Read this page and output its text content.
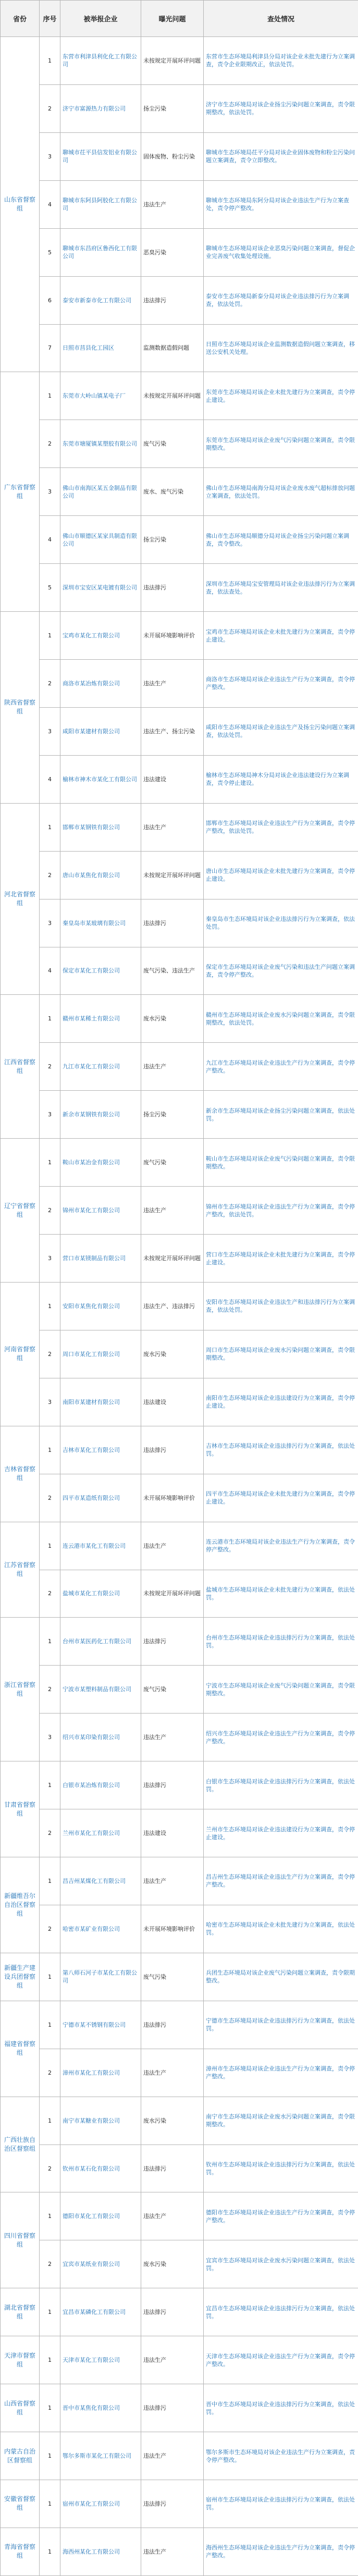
省份	序号	被举报企业	曝光问题	查处情况
山东省督察组	1	东营市利津县利化化工有限公司	未按规定开展环评问题	东营市生态环境局利津县分局对该企业未批先建行为立案调查，责令企业限期改正，依法处罚。
	2	济宁市富源热力有限公司	扬尘污染	济宁市生态环境局对该企业扬尘污染问题立案调查，责令限期整改，依法处罚。
	3	聊城市茌平县信发铝业有限公司	固体废物、粉尘污染	聊城市生态环境局茌平分局对该企业固体废物和粉尘污染问题立案调查，责令立即整改。
	4	聊城市东阿县阿胶化工有限公司	违法生产	聊城市生态环境局东阿分局对该企业违法生产行为立案查处，责令停产整改。
	5	聊城市东昌府区鲁西化工有限公司	恶臭污染	聊城市生态环境局对该企业恶臭污染问题立案调查，督促企业完善废气收集处理设施。
	6	泰安市新泰市化工有限公司	违法排污	泰安市生态环境局新泰分局对该企业违法排污行为立案调查，依法处罚。
	7	日照市莒县化工园区	监测数据造假问题	日照市生态环境局对该企业监测数据造假问题立案调查，移送公安机关处理。
广东省督察组	1	东莞市大岭山镇某电子厂	未按规定开展环评问题	东莞市生态环境局对该企业未批先建行为立案调查，责令停止建设。
	2	东莞市塘厦镇某塑胶有限公司	废气污染	东莞市生态环境局对该企业废气污染问题立案调查，责令限期整改。
	3	佛山市南海区某五金制品有限公司	废水、废气污染	佛山市生态环境局南海分局对该企业废水废气超标排放问题立案调查，依法处罚。
	4	佛山市顺德区某家具制造有限公司	扬尘污染	佛山市生态环境局顺德分局对该企业扬尘污染问题立案调查，责令整改。
	5	深圳市宝安区某电镀有限公司	违法排污	深圳市生态环境局宝安管理局对该企业违法排污行为立案调查，依法查处。
陕西省督察组	1	宝鸡市某化工有限公司	未开展环境影响评价	宝鸡市生态环境局对该企业未批先建行为立案调查，责令停止建设。
	2	商洛市某冶炼有限公司	违法生产	商洛市生态环境局对该企业违法生产行为立案调查，责令停产整改。
	3	咸阳市某建材有限公司	违法生产、扬尘污染	咸阳市生态环境局对该企业违法生产及扬尘污染问题立案调查，依法处罚。
	4	榆林市神木市某化工有限公司	违法建设	榆林市生态环境局神木分局对该企业违法建设行为立案调查，责令停止建设。
河北省督察组	1	邯郸市某钢铁有限公司	违法生产	邯郸市生态环境局对该企业违法生产行为立案调查，责令停产整改，依法处罚。
	2	唐山市某焦化有限公司	未按规定开展环评问题	唐山市生态环境局对该企业未批先建行为立案调查，责令停止建设。
	3	秦皇岛市某玻璃有限公司	违法排污	秦皇岛市生态环境局对该企业违法排污行为立案调查，依法处罚。
	4	保定市某化工有限公司	废气污染、违法生产	保定市生态环境局对该企业废气污染和违法生产问题立案调查，责令停产整改。
江西省督察组	1	赣州市某稀土有限公司	废水污染	赣州市生态环境局对该企业废水污染问题立案调查，责令限期整改，依法处罚。
	2	九江市某化工有限公司	违法生产	九江市生态环境局对该企业违法生产行为立案调查，责令停产整改。
	3	新余市某钢铁有限公司	扬尘污染	新余市生态环境局对该企业扬尘污染问题立案调查，依法处罚。
辽宁省督察组	1	鞍山市某冶金有限公司	废气污染	鞍山市生态环境局对该企业废气污染问题立案调查，责令限期整改。
	2	锦州市某化工有限公司	违法生产	锦州市生态环境局对该企业违法生产行为立案调查，责令停产整改，依法处罚。
	3	营口市某镁制品有限公司	未按规定开展环评问题	营口市生态环境局对该企业未批先建行为立案调查，责令停止建设。
河南省督察组	1	安阳市某焦化有限公司	违法生产、违法排污	安阳市生态环境局对该企业违法生产和违法排污行为立案调查，依法处罚。
	2	周口市某化工有限公司	废水污染	周口市生态环境局对该企业废水污染问题立案调查，责令限期整改。
	3	南阳市某建材有限公司	违法建设	南阳市生态环境局对该企业违法建设行为立案调查，责令停止建设。
吉林省督察组	1	吉林市某化工有限公司	违法排污	吉林市生态环境局对该企业违法排污行为立案调查，依法处罚。
	2	四平市某造纸有限公司	未开展环境影响评价	四平市生态环境局对该企业未批先建行为立案调查，责令停止建设。
江苏省督察组	1	连云港市某化工有限公司	违法生产	连云港市生态环境局对该企业违法生产行为立案调查，责令停产整改。
	2	盐城市某化工有限公司	未按规定开展环评问题	盐城市生态环境局对该企业未批先建行为立案调查，依法处罚。
浙江省督察组	1	台州市某医药化工有限公司	违法排污	台州市生态环境局对该企业违法排污行为立案调查，依法处罚。
	2	宁波市某塑料制品有限公司	废气污染	宁波市生态环境局对该企业废气污染问题立案调查，责令限期整改。
	3	绍兴市某印染有限公司	违法生产	绍兴市生态环境局对该企业违法生产行为立案调查，责令停产整改。
甘肃省督察组	1	白银市某冶炼有限公司	违法排污	白银市生态环境局对该企业违法排污行为立案调查，依法处罚。
	2	兰州市某化工有限公司	违法建设	兰州市生态环境局对该企业违法建设行为立案调查，责令停止建设。
新疆维吾尔自治区督察组	1	昌吉州某煤化工有限公司	违法生产	昌吉州生态环境局对该企业违法生产行为立案调查，责令停产整改。
	2	哈密市某矿业有限公司	未开展环境影响评价	哈密市生态环境局对该企业未批先建行为立案调查，依法处罚。
新疆生产建设兵团督察组	1	第八师石河子市某化工有限公司	废气污染	兵团生态环境局对该企业废气污染问题立案调查，责令限期整改。
福建省督察组	1	宁德市某不锈钢有限公司	违法排污	宁德市生态环境局对该企业违法排污行为立案调查，依法处罚。
	2	漳州市某化工有限公司	违法生产	漳州市生态环境局对该企业违法生产行为立案调查，责令停产整改。
广西壮族自治区督察组	1	南宁市某糖业有限公司	废水污染	南宁市生态环境局对该企业废水污染问题立案调查，责令限期整改。
	2	钦州市某石化有限公司	违法排污	钦州市生态环境局对该企业违法排污行为立案调查，依法处罚。
四川省督察组	1	德阳市某化工有限公司	违法生产	德阳市生态环境局对该企业违法生产行为立案调查，责令停产整改。
	2	宜宾市某纸业有限公司	废水污染	宜宾市生态环境局对该企业废水污染问题立案调查，依法处罚。
湖北省督察组	1	宜昌市某磷化工有限公司	违法排污	宜昌市生态环境局对该企业违法排污行为立案调查，依法处罚。
天津市督察组	1	天津市某化工有限公司	违法生产	天津市生态环境局对该企业违法生产行为立案调查，责令停产整改。
山西省督察组	1	晋中市某焦化有限公司	违法排污	晋中市生态环境局对该企业违法排污行为立案调查，依法处罚。
内蒙古自治区督察组	1	鄂尔多斯市某化工有限公司	违法生产	鄂尔多斯市生态环境局对该企业违法生产行为立案调查，责令停产整改。
安徽省督察组	1	宿州市某化工有限公司	违法排污	宿州市生态环境局对该企业违法排污行为立案调查，依法处罚。
青海省督察组	1	海西州某化工有限公司	违法生产	海西州生态环境局对该企业违法生产行为立案调查，责令停产整改。
